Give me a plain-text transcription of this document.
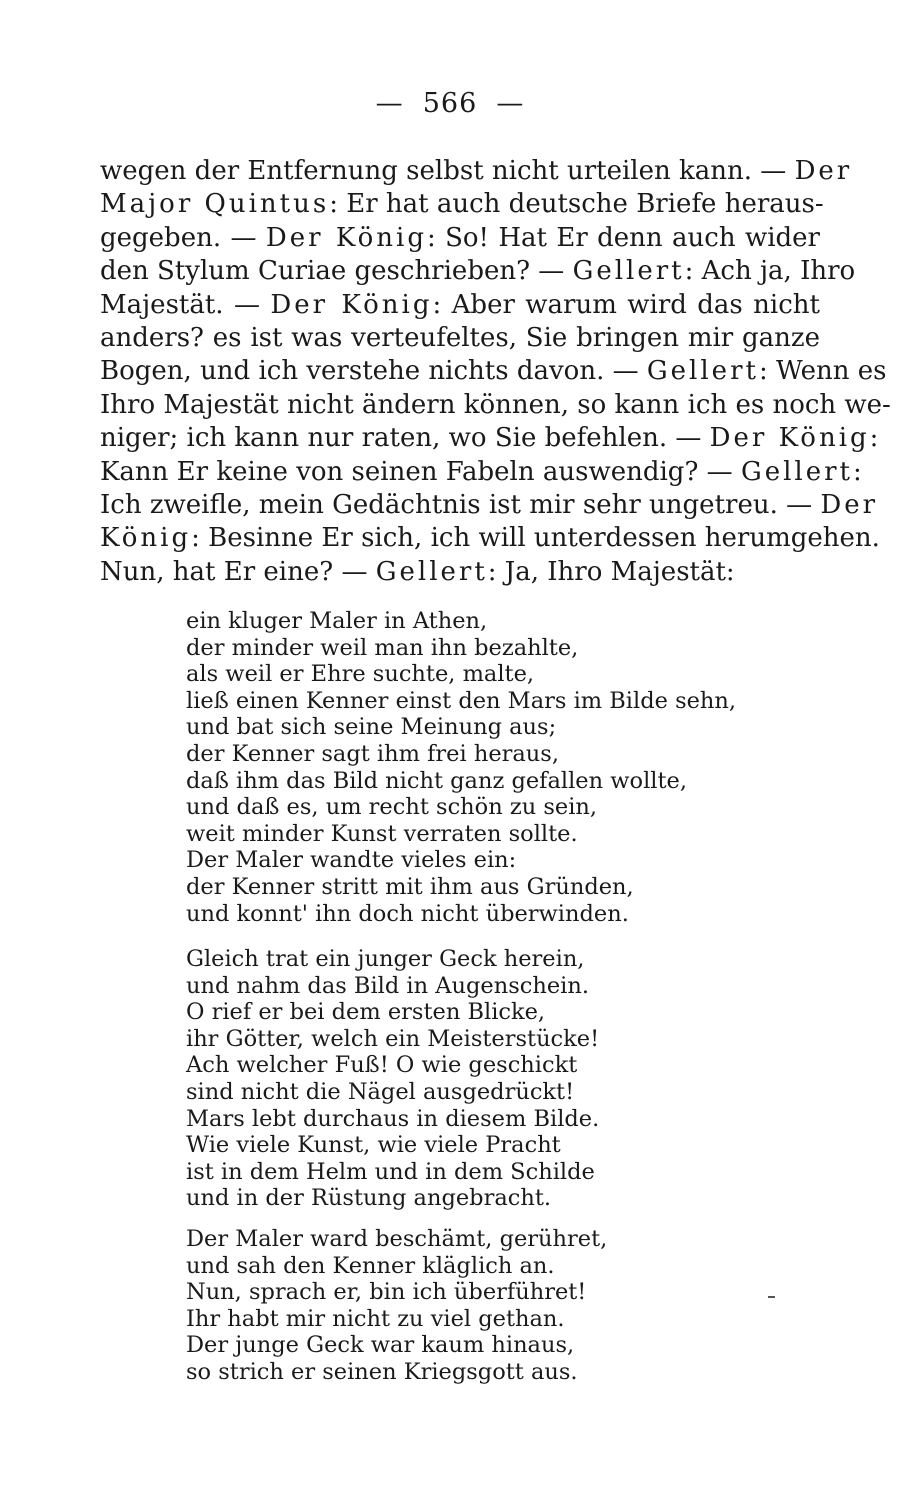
—  566  —
wegen der Entfernung selbst nicht urteilen kann. — Der
Major Quintus: Er hat auch deutsche Briefe heraus-
gegeben. — Der König: So! Hat Er denn auch wider
den Stylum Curiae geschrieben? — Gellert: Ach ja, Ihro
Majestät. — Der König: Aber warum wird das nicht
anders? es ist was verteufeltes, Sie bringen mir ganze
Bogen, und ich verstehe nichts davon. — Gellert: Wenn es
Ihro Majestät nicht ändern können, so kann ich es noch we-
niger; ich kann nur raten, wo Sie befehlen. — Der König:
Kann Er keine von seinen Fabeln auswendig? — Gellert:
Ich zweifle, mein Gedächtnis ist mir sehr ungetreu. — Der
König: Besinne Er sich, ich will unterdessen herumgehen.
Nun, hat Er eine? — Gellert: Ja, Ihro Majestät:
ein kluger Maler in Athen,
der minder weil man ihn bezahlte,
als weil er Ehre suchte, malte,
ließ einen Kenner einst den Mars im Bilde sehn,
und bat sich seine Meinung aus;
der Kenner sagt ihm frei heraus,
daß ihm das Bild nicht ganz gefallen wollte,
und daß es, um recht schön zu sein,
weit minder Kunst verraten sollte.
Der Maler wandte vieles ein:
der Kenner stritt mit ihm aus Gründen,
und konnt' ihn doch nicht überwinden.
Gleich trat ein junger Geck herein,
und nahm das Bild in Augenschein.
O rief er bei dem ersten Blicke,
ihr Götter, welch ein Meisterstücke!
Ach welcher Fuß! O wie geschickt
sind nicht die Nägel ausgedrückt!
Mars lebt durchaus in diesem Bilde.
Wie viele Kunst, wie viele Pracht
ist in dem Helm und in dem Schilde
und in der Rüstung angebracht.
Der Maler ward beschämt, gerühret,
und sah den Kenner kläglich an.
Nun, sprach er, bin ich überführet!
Ihr habt mir nicht zu viel gethan.
Der junge Geck war kaum hinaus,
so strich er seinen Kriegsgott aus.
